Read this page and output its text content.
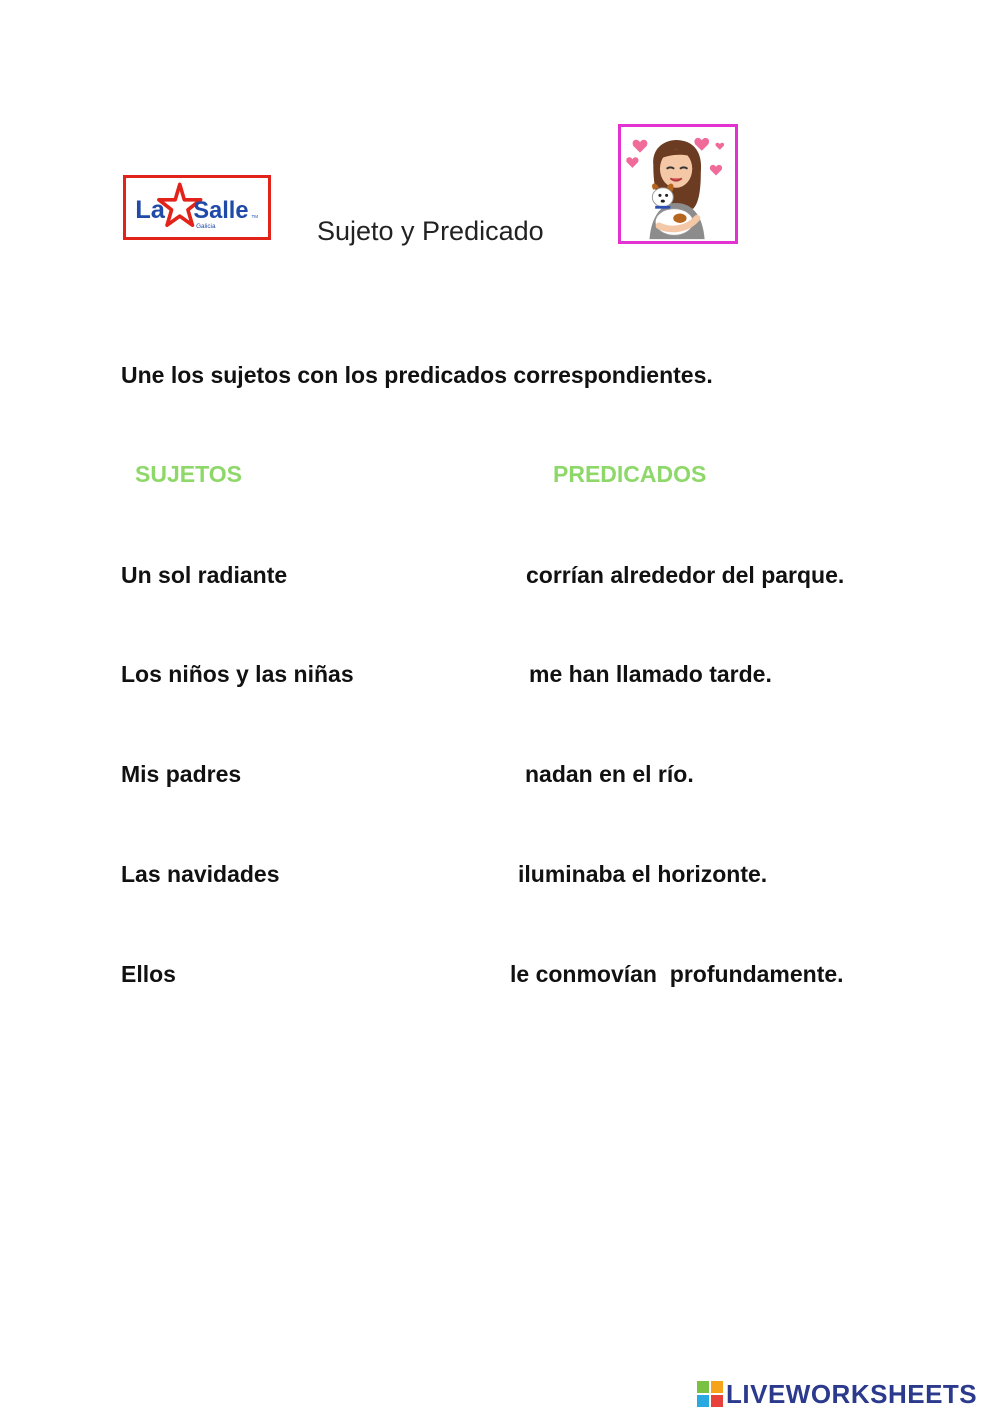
La Salle TM
Galicia	Sujeto y Predicado
Une los sujetos con los predicados correspondientes.
SUJETOS	PREDICADOS
Un sol radiante	corrían alrededor del parque.
Los niños y las niñas	me han llamado tarde.
Mis padres	nadan en el río.
Las navidades	iluminaba el horizonte.
Ellos	le conmovían  profundamente.
LIVEWORKSHEETS
